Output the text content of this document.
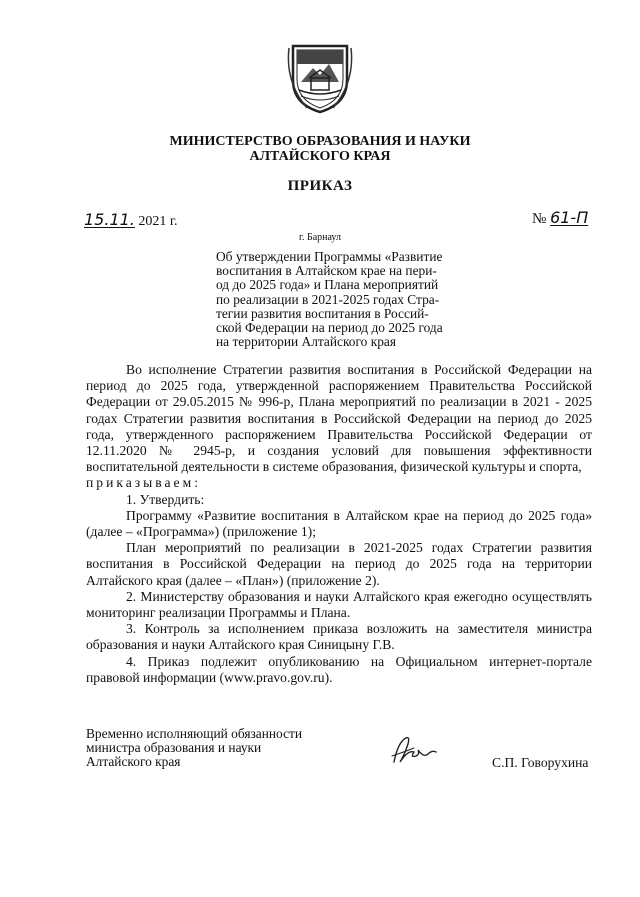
МИНИСТЕРСТВО ОБРАЗОВАНИЯ И НАУКИ
АЛТАЙСКОГО КРАЯ
ПРИКАЗ
15.11. 2021 г.	№ 61-П
г. Барнаул
Об утверждении Программы «Развитие
воспитания в Алтайском крае на пери-
од до 2025 года» и Плана мероприятий
по реализации в 2021-2025 годах Стра-
тегии развития воспитания в Россий-
ской Федерации на период до 2025 года
на территории Алтайского края

Во исполнение Стратегии развития воспитания в Российской Федерации на период до 2025 года, утвержденной распоряжением Правительства Российской Федерации от 29.05.2015 № 996-р, Плана мероприятий по реализации в 2021 - 2025 годах Стратегии развития воспитания в Российской Федерации на период до 2025 года, утвержденного распоряжением Правительства Российской Федерации от 12.11.2020 № 2945-р, и создания условий для повышения эффективности воспитательной деятельности в системе образования, физической культуры и спорта,
приказываем:

1. Утвердить:

Программу «Развитие воспитания в Алтайском крае на период до 2025 года» (далее – «Программа») (приложение 1);

План мероприятий по реализации в 2021-2025 годах Стратегии развития воспитания в Российской Федерации на период до 2025 года на территории Алтайского края (далее – «План») (приложение 2).

2. Министерству образования и науки Алтайского края ежегодно осуществлять мониторинг реализации Программы и Плана.

3. Контроль за исполнением приказа возложить на заместителя министра образования и науки Алтайского края Синицыну Г.В.

4. Приказ подлежит опубликованию на Официальном интернет-портале правовой информации (www.pravo.gov.ru).

Временно исполняющий обязанности
министра образования и науки
Алтайского края	С.П. Говорухина
